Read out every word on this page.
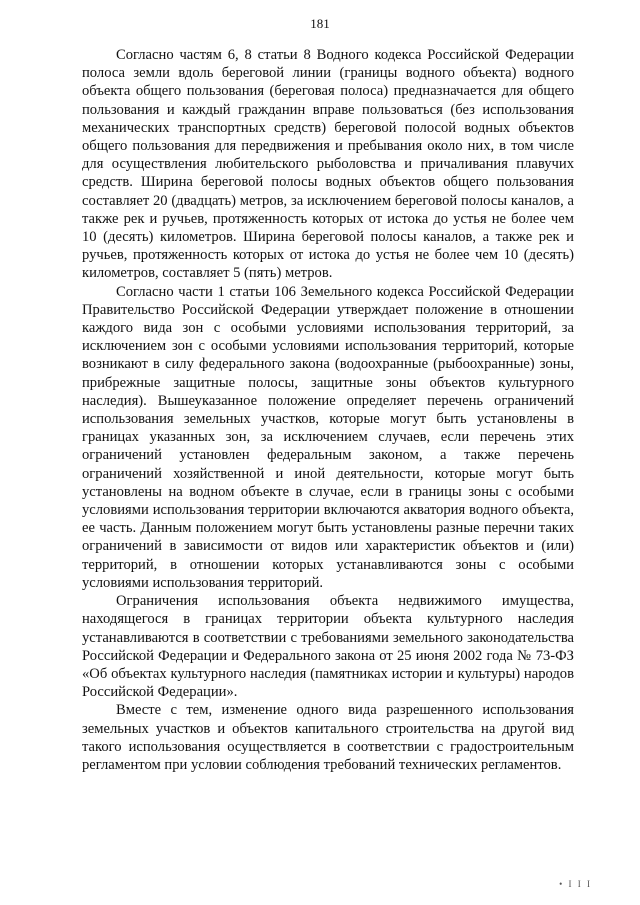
181

Согласно частям 6, 8 статьи 8 Водного кодекса Российской Федерации полоса земли вдоль береговой линии (границы водного объекта) водного объекта общего пользования (береговая полоса) предназначается для общего пользования и каждый гражданин вправе пользоваться (без использования механических транспортных средств) береговой полосой водных объектов общего пользования для передвижения и пребывания около них, в том числе для осуществления любительского рыболовства и причаливания плавучих средств. Ширина береговой полосы водных объектов общего пользования составляет 20 (двадцать) метров, за исключением береговой полосы каналов, а также рек и ручьев, протяженность которых от истока до устья не более чем 10 (десять) километров. Ширина береговой полосы каналов, а также рек и ручьев, протяженность которых от истока до устья не более чем 10 (десять) километров, составляет 5 (пять) метров.

Согласно части 1 статьи 106 Земельного кодекса Российской Федерации Правительство Российской Федерации утверждает положение в отношении каждого вида зон с особыми условиями использования территорий, за исключением зон с особыми условиями использования территорий, которые возникают в силу федерального закона (водоохранные (рыбоохранные) зоны, прибрежные защитные полосы, защитные зоны объектов культурного наследия). Вышеуказанное положение определяет перечень ограничений использования земельных участков, которые могут быть установлены в границах указанных зон, за исключением случаев, если перечень этих ограничений установлен федеральным законом, а также перечень ограничений хозяйственной и иной деятельности, которые могут быть установлены на водном объекте в случае, если в границы зоны с особыми условиями использования территории включаются акватория водного объекта, ее часть. Данным положением могут быть установлены разные перечни таких ограничений в зависимости от видов или характеристик объектов и (или) территорий, в отношении которых устанавливаются зоны с особыми условиями использования территорий.

Ограничения использования объекта недвижимого имущества, находящегося в границах территории объекта культурного наследия устанавливаются в соответствии с требованиями земельного законодательства Российской Федерации и Федерального закона от 25 июня 2002 года № 73-ФЗ «Об объектах культурного наследия (памятниках истории и культуры) народов Российской Федерации».

Вместе с тем, изменение одного вида разрешенного использования земельных участков и объектов капитального строительства на другой вид такого использования осуществляется в соответствии с градостроительным регламентом при условии соблюдения требований технических регламентов.

• I I I
